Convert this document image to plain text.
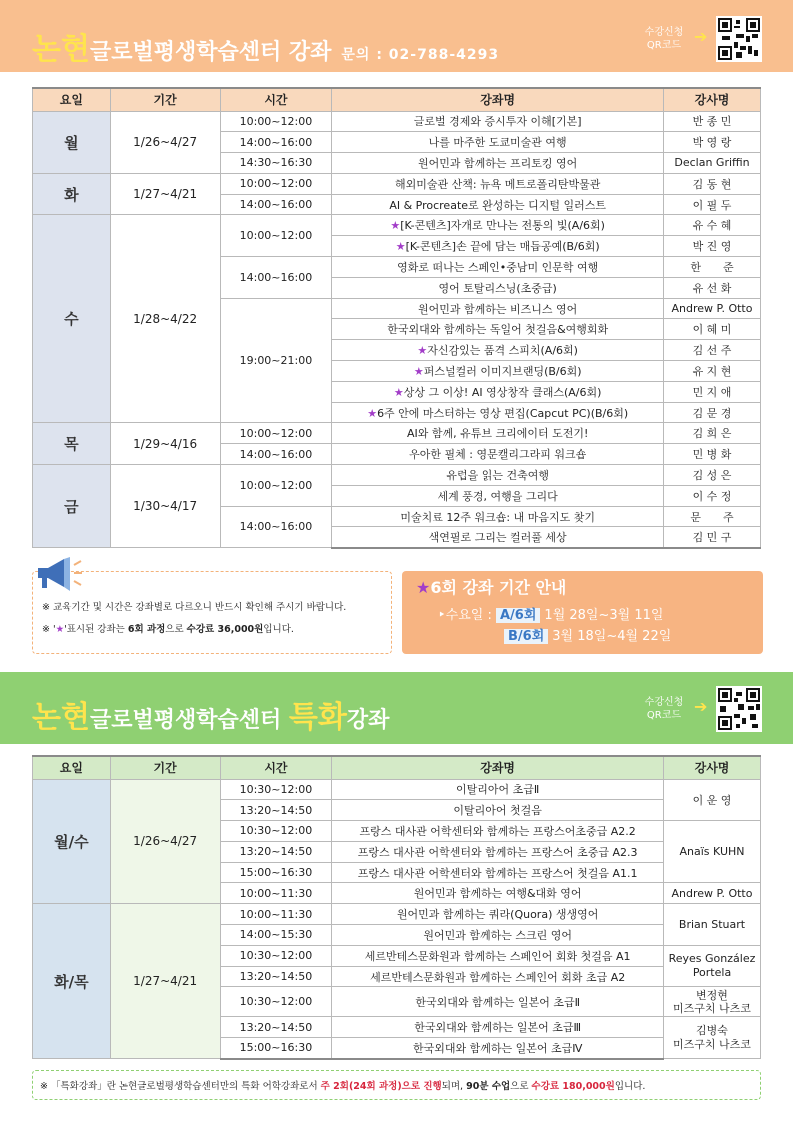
논현글로벌평생학습센터 강좌 문의 : 02-788-4293
수강신청
QR코드 ➔
요일	기간	시간	강좌명	강사명
월	1/26~4/27	10:00~12:00	글로벌 경제와 증시투자 이해[기본]	반 종 민
		14:00~16:00	나를 마주한 도쿄미술관 여행	박 영 랑
		14:30~16:30	원어민과 함께하는 프리토킹 영어	Declan Griffin
화	1/27~4/21	10:00~12:00	해외미술관 산책: 뉴욕 메트로폴리탄박물관	김 동 현
		14:00~16:00	AI & Procreate로 완성하는 디지털 일러스트	이 필 두
수	1/28~4/22	10:00~12:00	★[K-콘텐츠]자개로 만나는 전통의 빛(A/6회)	유 수 혜
			★[K-콘텐츠]손 끝에 담는 매듭공예(B/6회)	박 진 영
		14:00~16:00	영화로 떠나는 스페인•중남미 인문학 여행	한　　준
			영어 토탈리스닝(초중급)	유 선 화
		19:00~21:00	원어민과 함께하는 비즈니스 영어	Andrew P. Otto
			한국외대와 함께하는 독일어 첫걸음&여행회화	이 혜 미
			★자신감있는 품격 스피치(A/6회)	김 선 주
			★퍼스널컬러 이미지브랜딩(B/6회)	유 지 현
			★상상 그 이상! AI 영상창작 클래스(A/6회)	민 지 애
			★6주 안에 마스터하는 영상 편집(Capcut PC)(B/6회)	김 문 경
목	1/29~4/16	10:00~12:00	AI와 함께, 유튜브 크리에이터 도전기!	김 희 은
		14:00~16:00	우아한 필체 : 영문캘리그라피 워크숍	민 병 화
금	1/30~4/17	10:00~12:00	유럽을 읽는 건축여행	김 성 은
			세계 풍경, 여행을 그리다	이 수 정
		14:00~16:00	미술치료 12주 워크숍: 내 마음지도 찾기	문　　주
			색연필로 그리는 컬러풀 세상	김 민 구
※ 교육기간 및 시간은 강좌별로 다르오니 반드시 확인해 주시기 바랍니다.
※ '★'표시된 강좌는 6회 과정으로 수강료 36,000원입니다.
★6회 강좌 기간 안내
‣수요일 : A/6회 1월 28일~3월 11일
B/6회 3월 18일~4월 22일
논현글로벌평생학습센터 특화강좌
수강신청
QR코드 ➔
요일	기간	시간	강좌명	강사명
월/수	1/26~4/27	10:30~12:00	이탈리아어 초급Ⅱ	이 운 영
		13:20~14:50	이탈리아어 첫걸음	
		10:30~12:00	프랑스 대사관 어학센터와 함께하는 프랑스어초중급 A2.2	Anaïs KUHN
		13:20~14:50	프랑스 대사관 어학센터와 함께하는 프랑스어 초중급 A2.3	
		15:00~16:30	프랑스 대사관 어학센터와 함께하는 프랑스어 첫걸음 A1.1	
		10:00~11:30	원어민과 함께하는 여행&대화 영어	Andrew P. Otto
화/목	1/27~4/21	10:00~11:30	원어민과 함께하는 쿼라(Quora) 생생영어	Brian Stuart
		14:00~15:30	원어민과 함께하는 스크린 영어	
		10:30~12:00	세르반테스문화원과 함께하는 스페인어 회화 첫걸음 A1	Reyes González
Portela

		13:20~14:50	세르반테스문화원과 함께하는 스페인어 회화 초급 A2	
		10:30~12:00	한국외대와 함께하는 일본어 초급Ⅱ	변정현
미즈구치 나츠코

		13:20~14:50	한국외대와 함께하는 일본어 초급Ⅲ	김병숙
미즈구치 나츠코

		15:00~16:30	한국외대와 함께하는 일본어 초급Ⅳ	
※ 「특화강좌」란 논현글로벌평생학습센터만의 특화 어학강좌로서 주 2회(24회 과정)으로 진행되며, 90분 수업으로 수강료 180,000원입니다.
